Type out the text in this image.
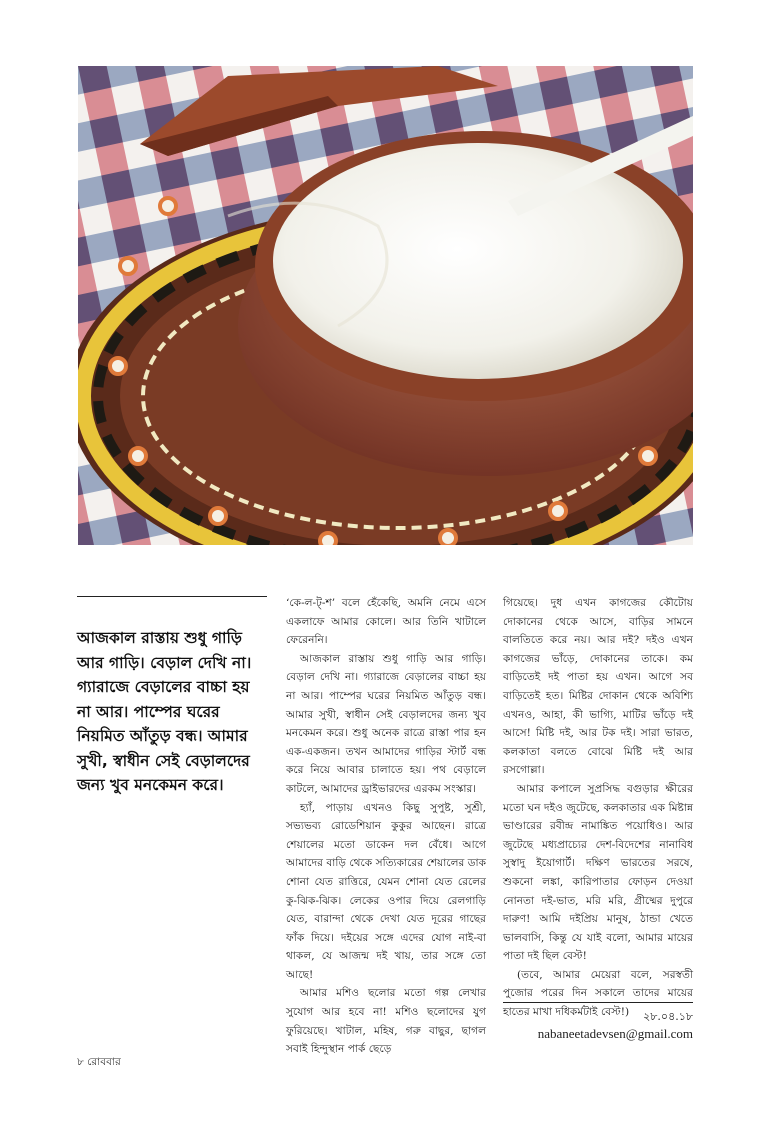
আজকাল রাস্তায় শুধু গাড়ি আর গাড়ি। বেড়াল দেখি না। গ্যারাজে বেড়ালের বাচ্চা হয় না আর। পাম্পের ঘরের নিয়মিত আঁতুড় বন্ধ। আমার সুখী, স্বাধীন সেই বেড়ালদের জন্য খুব মনকেমন করে।

‘কে-ল-ট্-শ’ বলে হেঁকেছি, অমনি নেমে এসে একলাফে আমার কোলে। আর তিনি খাটালে ফেরেননি।

আজকাল রাস্তায় শুধু গাড়ি আর গাড়ি। বেড়াল দেখি না। গ্যারাজে বেড়ালের বাচ্চা হয় না আর। পাম্পের ঘরের নিয়মিত আঁতুড় বন্ধ। আমার সুখী, স্বাধীন সেই বেড়ালদের জন্য খুব মনকেমন করে। শুধু অনেক রাত্রে রাস্তা পার হন এক-একজন। তখন আমাদের গাড়ির স্টার্ট বন্ধ করে নিয়ে আবার চালাতে হয়। পথ বেড়ালে কাটলে, আমাদের ড্রাইভারদের এরকম সংস্কার।

হ্যাঁ, পাড়ায় এখনও কিছু সুপুষ্ট, সুশ্রী, সভ্যভব্য রোডেশিয়ান কুকুর আছেন। রাত্রে শেয়ালের মতো ডাকেন দল বেঁধে। আগে আমাদের বাড়ি থেকে সত্যিকারের শেয়ালের ডাক শোনা যেত রাত্তিরে, যেমন শোনা যেত রেলের কু-ঝিক-ঝিক। লেকের ওপার দিয়ে রেলগাড়ি যেত, বারান্দা থেকে দেখা যেত দূরের গাছের ফাঁক দিয়ে। দইয়ের সঙ্গে এদের যোগ নাই-বা থাকল, যে আজন্ম দই খায়, তার সঙ্গে তো আছে!

আমার মশিও ছলোর মতো গল্প লেখার সুযোগ আর হবে না! মশিও ছলোদের যুগ ফুরিয়েছে। খাটাল, মহিষ, গরু বাছুর, ছাগল সবাই হিন্দুস্থান পার্ক ছেড়ে

গিয়েছে। দুধ এখন কাগজের কৌটোয় দোকানের থেকে আসে, বাড়ির সামনে বালতিতে করে নয়। আর দই? দইও এখন কাগজের ভাঁড়ে, দোকানের তাকে। কম বাড়িতেই দই পাতা হয় এখন। আগে সব বাড়িতেই হত। মিষ্টির দোকান থেকে অবিশ্যি এখনও, আহা, কী ভাগ্যি, মাটির ভাঁড়ে দই আসে! মিষ্টি দই, আর টক দই। সারা ভারত, কলকাতা বলতে বোঝে মিষ্টি দই আর রসগোল্লা।

আমার কপালে সুপ্রসিদ্ধ বগুড়ার ক্ষীরের মতো ঘন দইও জুটেছে, কলকাতার এক মিষ্টান্ন ভাণ্ডারের রবীন্দ্র নামাঙ্কিত পয়োধিও। আর জুটেছে মধ্যপ্রাচ্যের দেশ-বিদেশের নানাবিধ সুস্বাদু ইয়োগার্ট। দক্ষিণ ভারতের সরষে, শুকনো লঙ্কা, কারিপাতার ফোড়ন দেওয়া নোনতা দই-ভাত, মরি মরি, গ্রীষ্মের দুপুরে দারুণ! আমি দইপ্রিয় মানুষ, ঠান্ডা খেতে ভালবাসি, কিন্তু যে যাই বলো, আমার মায়ের পাতা দই ছিল বেস্ট!

(তবে, আমার মেয়েরা বলে, সরস্বতী পুজোর পরের দিন সকালে তাদের মায়ের হাতের মাখা দধিকর্মটাই বেস্ট!)	২৮.০৪.১৮
nabaneetadevsen@gmail.com
৮ রোববার
